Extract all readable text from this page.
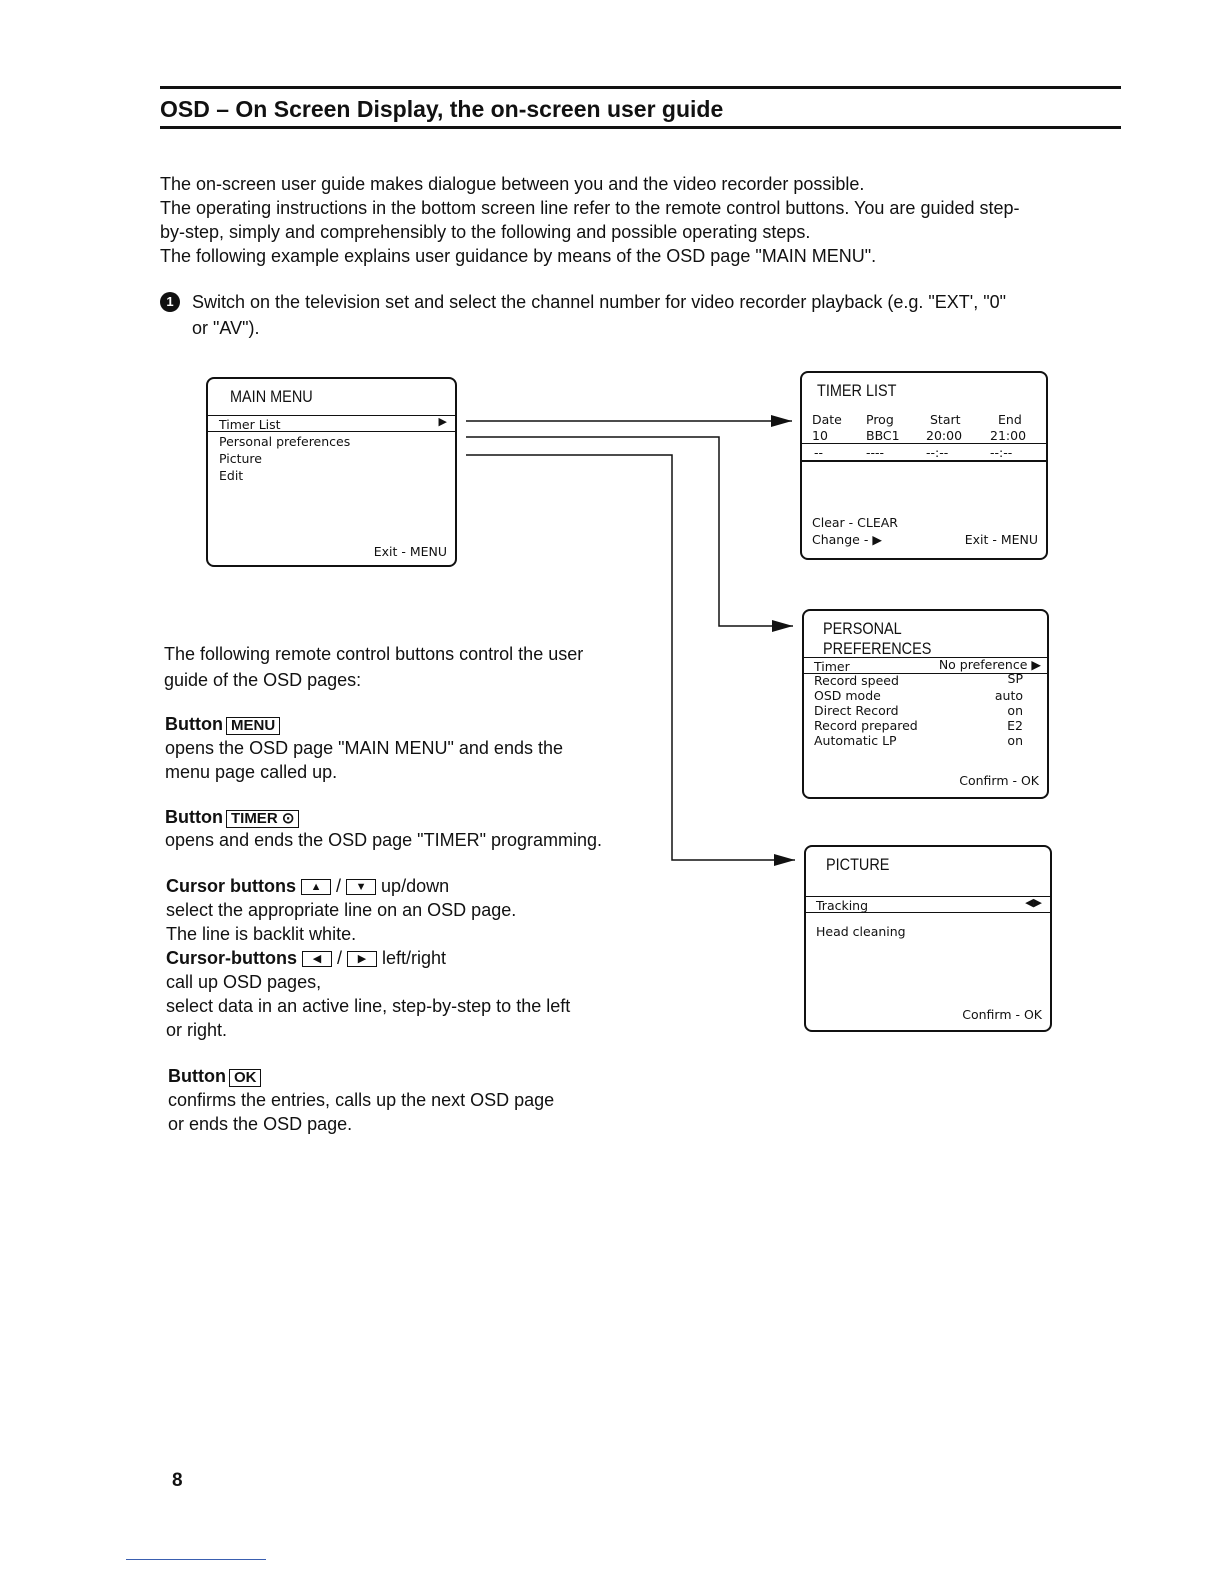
OSD – On Screen Display, the on-screen user guide
The on-screen user guide makes dialogue between you and the video recorder possible.
The operating instructions in the bottom screen line refer to the remote control buttons. You are guided step-
by-step, simply and comprehensibly to the following and possible operating steps.
The following example explains user guidance by means of the OSD page "MAIN MENU".
1	Switch on the television set and select the channel number for video recorder playback (e.g. "EXT', "0"
or "AV").
MAIN MENU
Timer List	▶
Personal preferences
Picture
Edit
Exit - MENU
TIMER LIST
Date Prog	Start	End
10	BBC1 20:00 21:00
--	----	--:--	--:--
Clear - CLEAR
Change - ▶	Exit - MENU
PERSONAL PREFERENCES
Timer	No preference ▶
Record speed	SP
OSD mode	auto
Direct Record	on
Record prepared	E2
Automatic LP	on
Confirm - OK
PICTURE
Tracking	◀▶
Head cleaning
Confirm - OK
The following remote control buttons control the user
guide of the OSD pages:
Button MENU
opens the OSD page "MAIN MENU" and ends the
menu page called up.
Button TIMER ⊙
opens and ends the OSD page "TIMER" programming.
Cursor buttons ▲ / ▼ up/down
select the appropriate line on an OSD page.
The line is backlit white.
Cursor-buttons ◀ / ▶ left/right
call up OSD pages,
select data in an active line, step-by-step to the left
or right.
Button OK
confirms the entries, calls up the next OSD page
or ends the OSD page.
8
